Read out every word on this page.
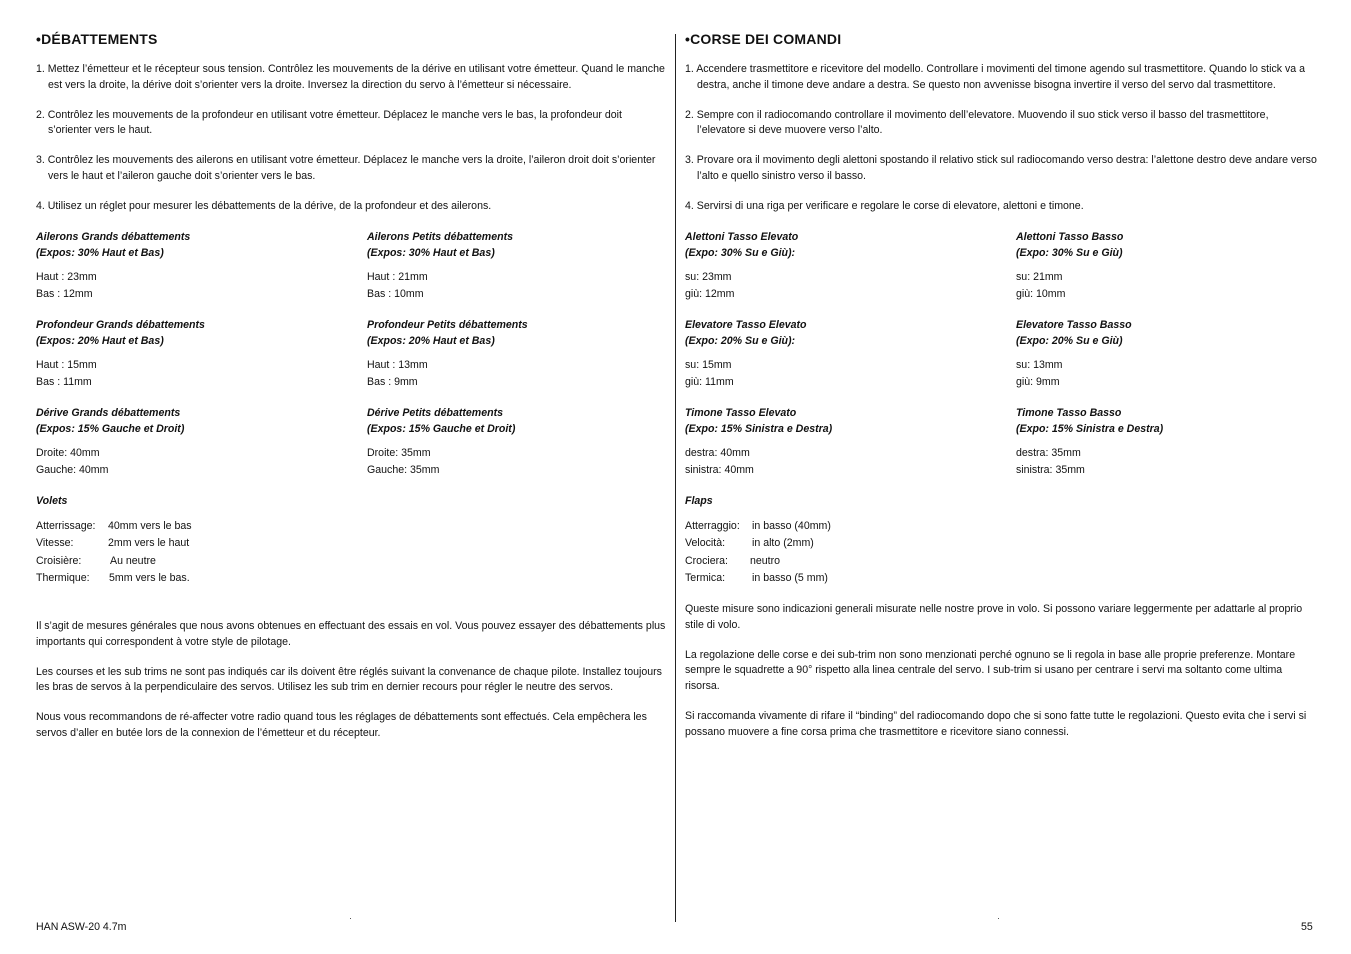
•DÉBATTEMENTS
1. Mettez l’émetteur et le récepteur sous tension. Contrôlez les mouvements de la dérive en utilisant votre émetteur. Quand le manche est vers la droite, la dérive doit s’orienter vers la droite. Inversez la direction du servo à l’émetteur si nécessaire.
2. Contrôlez les mouvements de la profondeur en utilisant votre émetteur. Déplacez le manche vers le bas, la profondeur doit s’orienter vers le haut.
3. Contrôlez les mouvements des ailerons en utilisant votre émetteur. Déplacez le manche vers la droite, l’aileron droit doit s’orienter vers le haut et l’aileron gauche doit s’orienter vers le bas.
4. Utilisez un réglet pour mesurer les débattements de la dérive, de la profondeur et des ailerons.
Ailerons Grands débattements
(Expos: 30% Haut et Bas)
Haut : 23mm
Bas : 12mm
Ailerons Petits débattements
(Expos: 30% Haut et Bas)
Haut : 21mm
Bas : 10mm
Profondeur Grands débattements
(Expos: 20% Haut et Bas)
Haut : 15mm
Bas : 11mm
Profondeur Petits débattements
(Expos: 20% Haut et Bas)
Haut : 13mm
Bas : 9mm
Dérive Grands débattements
(Expos: 15% Gauche et Droit)
Droite: 40mm
Gauche: 40mm
Dérive Petits débattements
(Expos: 15% Gauche et Droit)
Droite: 35mm
Gauche: 35mm
Volets
Atterrissage:	40mm vers le bas
Vitesse:	2mm vers le haut
Croisière:	Au neutre
Thermique:	5mm vers le bas.

Il s’agit de mesures générales que nous avons obtenues en effectuant des essais en vol. Vous pouvez essayer des débattements plus importants qui correspondent à votre style de pilotage.

Les courses et les sub trims ne sont pas indiqués car ils doivent être réglés suivant la convenance de chaque pilote. Installez toujours les bras de servos à la perpendiculaire des servos. Utilisez les sub trim en dernier recours pour régler le neutre des servos.

Nous vous recommandons de ré-affecter votre radio quand tous les réglages de débattements sont effectués. Cela empêchera les servos d’aller en butée lors de la connexion de l’émetteur et du récepteur.

HAN ASW-20 4.7m
•CORSE DEI COMANDI
1. Accendere trasmettitore e ricevitore del modello. Controllare i movimenti del timone agendo sul trasmettitore. Quando lo stick va a destra, anche il timone deve andare a destra. Se questo non avvenisse bisogna invertire il verso del servo dal trasmettitore.
2. Sempre con il radiocomando controllare il movimento dell’elevatore. Muovendo il suo stick verso il basso del trasmettitore, l’elevatore si deve muovere verso l’alto.
3. Provare ora il movimento degli alettoni spostando il relativo stick sul radiocomando verso destra: l’alettone destro deve andare verso l’alto e quello sinistro verso il basso.
4. Servirsi di una riga per verificare e regolare le corse di elevatore, alettoni e timone.
Alettoni Tasso Elevato
(Expo: 30% Su e Giù):
su: 23mm
giù: 12mm
Alettoni Tasso Basso
(Expo: 30% Su e Giù)
su: 21mm
giù: 10mm
Elevatore Tasso Elevato
(Expo: 20% Su e Giù):
su: 15mm
giù: 11mm
Elevatore Tasso Basso
(Expo: 20% Su e Giù)
su: 13mm
giù: 9mm
Timone Tasso Elevato
(Expo: 15% Sinistra e Destra)
destra: 40mm
sinistra: 40mm
Timone Tasso Basso
(Expo: 15% Sinistra e Destra)
destra: 35mm
sinistra: 35mm
Flaps
Atterraggio:	in basso (40mm)
Velocità:	in alto (2mm)
Crociera:	neutro
Termica:	in basso (5 mm)

Queste misure sono indicazioni generali misurate nelle nostre prove in volo. Si possono variare leggermente per adattarle al proprio stile di volo.

La regolazione delle corse e dei sub-trim non sono menzionati perché ognuno se li regola in base alle proprie preferenze. Montare sempre le squadrette a 90° rispetto alla linea centrale del servo. I sub-trim si usano per centrare i servi ma soltanto come ultima risorsa.

Si raccomanda vivamente di rifare il “binding” del radiocomando dopo che si sono fatte tutte le regolazioni. Questo evita che i servi si possano muovere a fine corsa prima che trasmettitore e ricevitore siano connessi.

55
